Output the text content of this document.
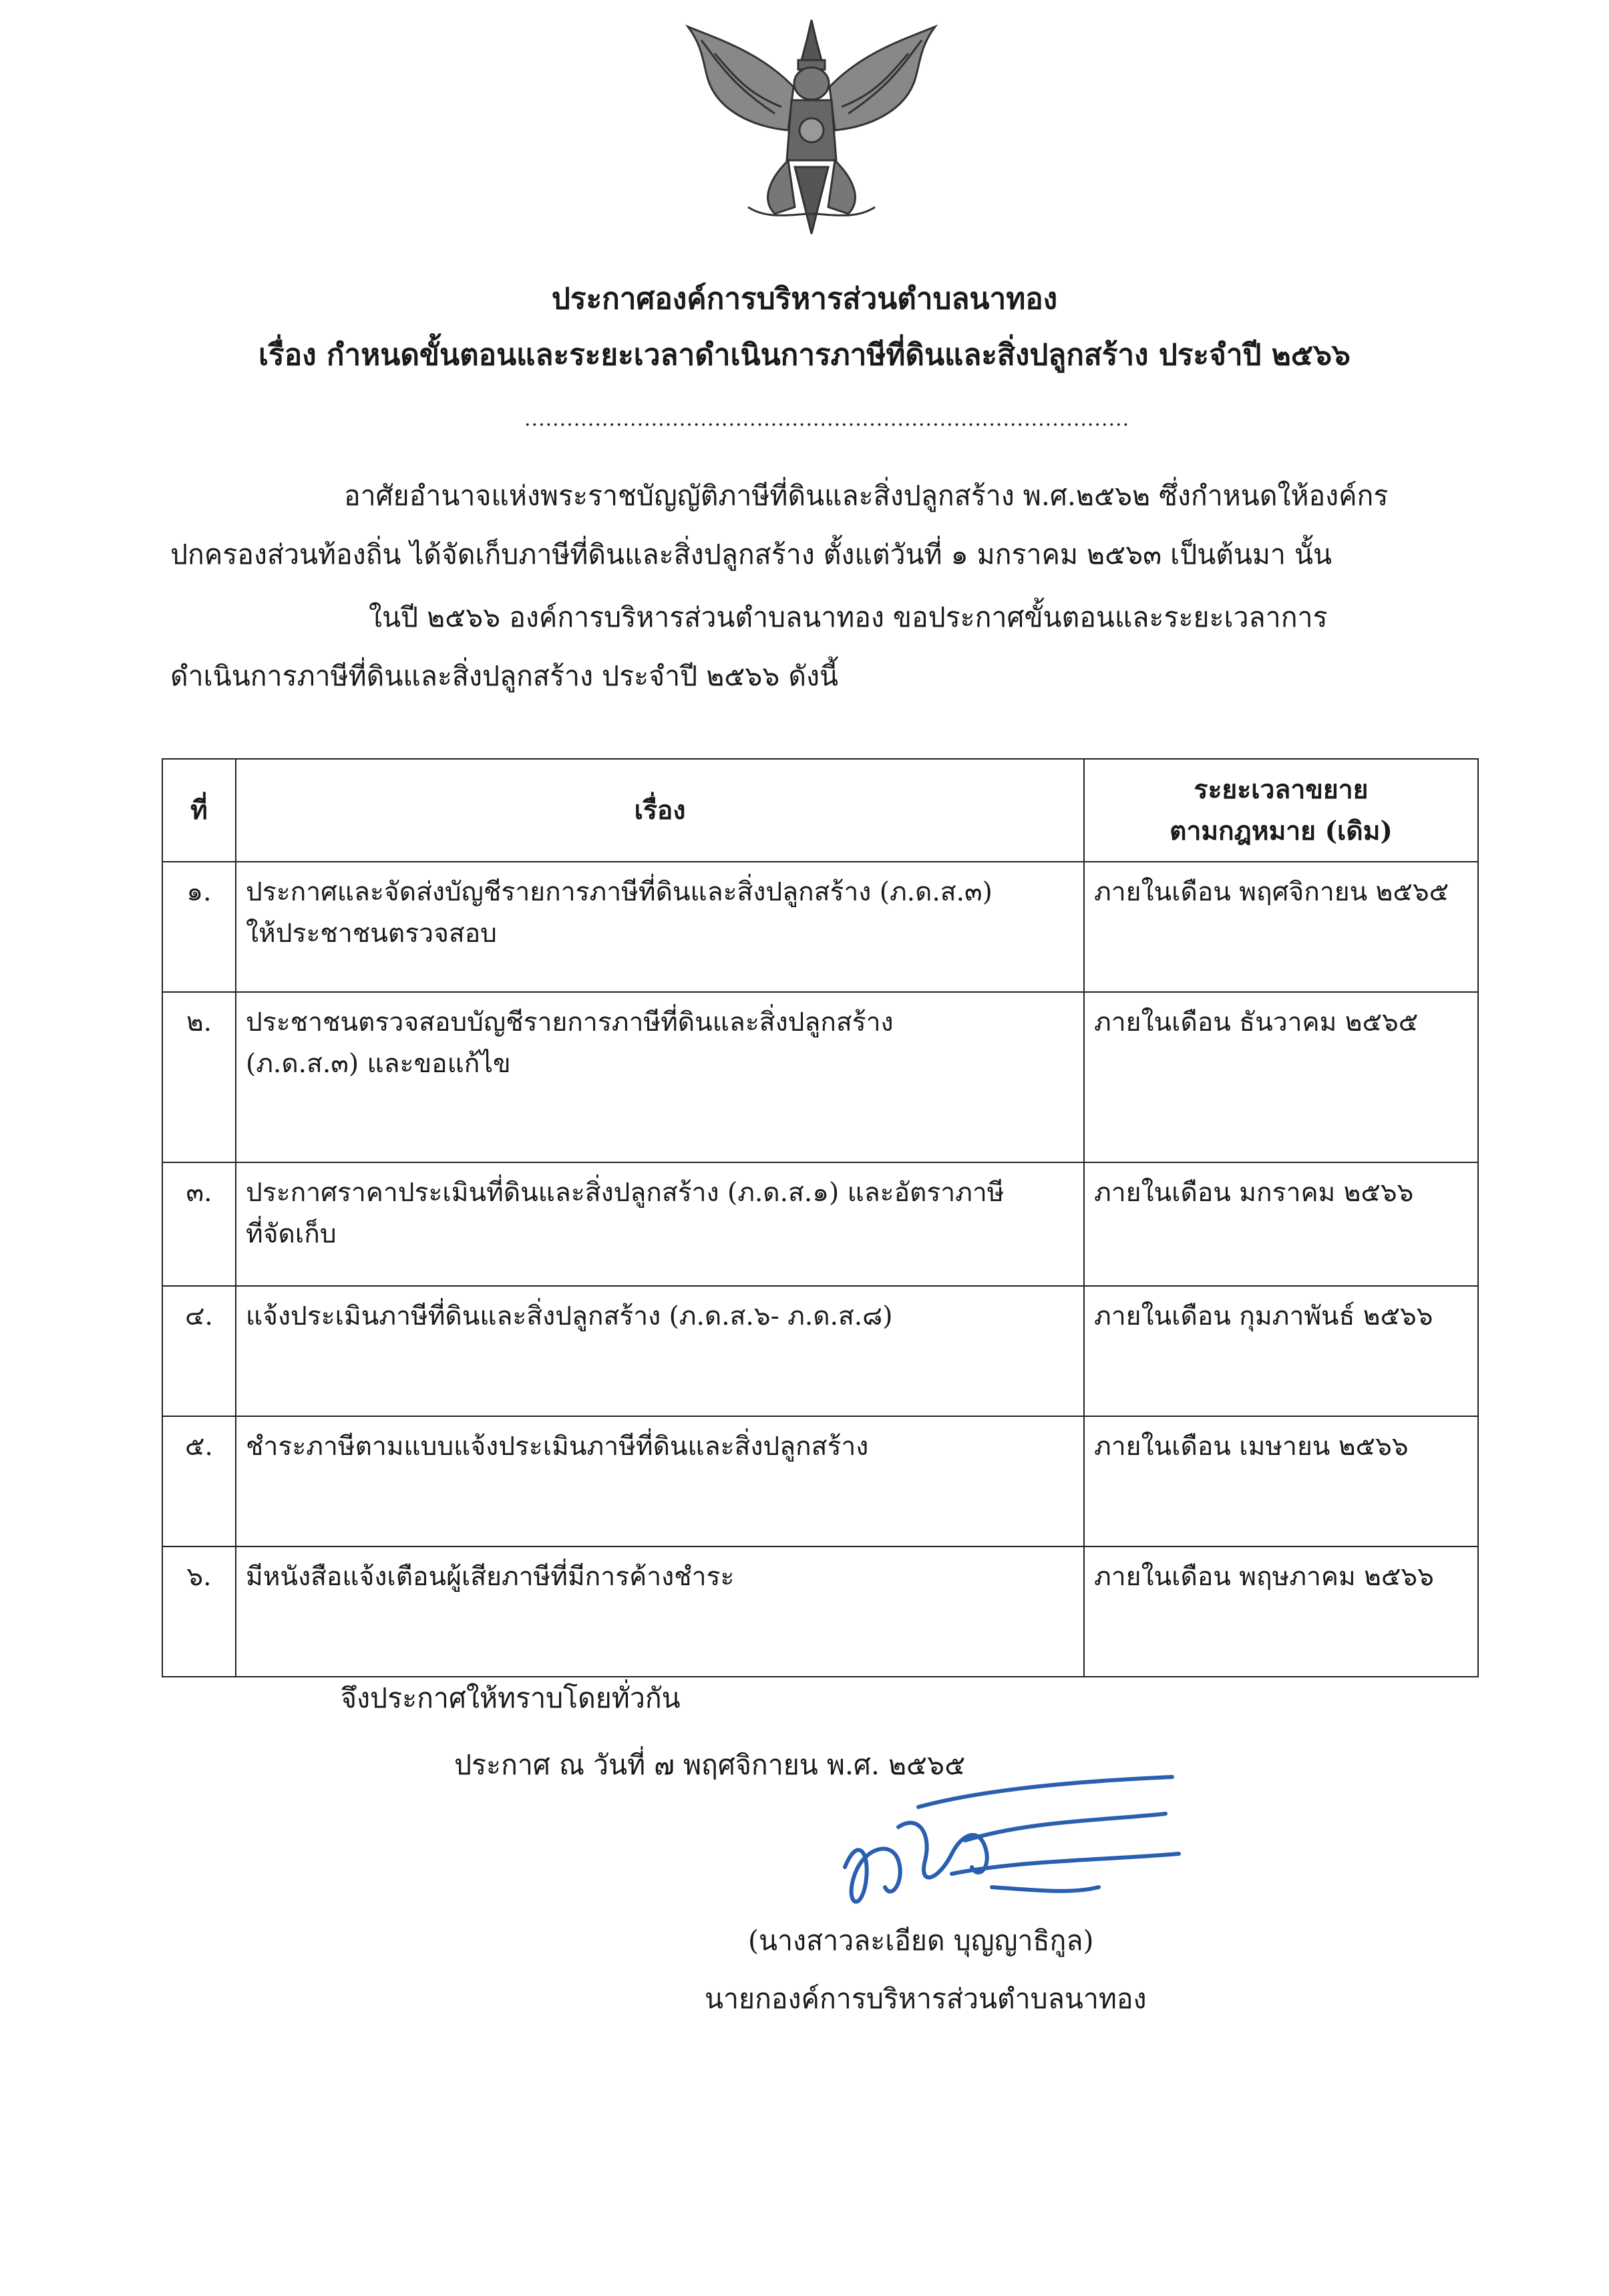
ประกาศองค์การบริหารส่วนตำบลนาทอง
เรื่อง กำหนดขั้นตอนและระยะเวลาดำเนินการภาษีที่ดินและสิ่งปลูกสร้าง ประจำปี ๒๕๖๖
......................................................................................
อาศัยอำนาจแห่งพระราชบัญญัติภาษีที่ดินและสิ่งปลูกสร้าง พ.ศ.๒๕๖๒ ซึ่งกำหนดให้องค์กร
ปกครองส่วนท้องถิ่น ได้จัดเก็บภาษีที่ดินและสิ่งปลูกสร้าง ตั้งแต่วันที่ ๑ มกราคม ๒๕๖๓ เป็นต้นมา นั้น
ในปี ๒๕๖๖ องค์การบริหารส่วนตำบลนาทอง ขอประกาศขั้นตอนและระยะเวลาการ
ดำเนินการภาษีที่ดินและสิ่งปลูกสร้าง ประจำปี ๒๕๖๖ ดังนี้
ที่	เรื่อง	ระยะเวลาขยาย
ตามกฎหมาย (เดิม)

๑.	ประกาศและจัดส่งบัญชีรายการภาษีที่ดินและสิ่งปลูกสร้าง (ภ.ด.ส.๓)
ให้ประชาชนตรวจสอบ	ภายในเดือน พฤศจิกายน ๒๕๖๕
๒.	ประชาชนตรวจสอบบัญชีรายการภาษีที่ดินและสิ่งปลูกสร้าง
(ภ.ด.ส.๓) และขอแก้ไข	ภายในเดือน ธันวาคม ๒๕๖๕
๓.	ประกาศราคาประเมินที่ดินและสิ่งปลูกสร้าง (ภ.ด.ส.๑) และอัตราภาษี
ที่จัดเก็บ	ภายในเดือน มกราคม ๒๕๖๖
๔.	แจ้งประเมินภาษีที่ดินและสิ่งปลูกสร้าง (ภ.ด.ส.๖- ภ.ด.ส.๘)	ภายในเดือน กุมภาพันธ์ ๒๕๖๖
๕.	ชำระภาษีตามแบบแจ้งประเมินภาษีที่ดินและสิ่งปลูกสร้าง	ภายในเดือน เมษายน ๒๕๖๖
๖.	มีหนังสือแจ้งเตือนผู้เสียภาษีที่มีการค้างชำระ	ภายในเดือน พฤษภาคม ๒๕๖๖
จึงประกาศให้ทราบโดยทั่วกัน
ประกาศ ณ วันที่ ๗ พฤศจิกายน พ.ศ. ๒๕๖๕
(นางสาวละเอียด บุญญาธิกูล)
นายกองค์การบริหารส่วนตำบลนาทอง
